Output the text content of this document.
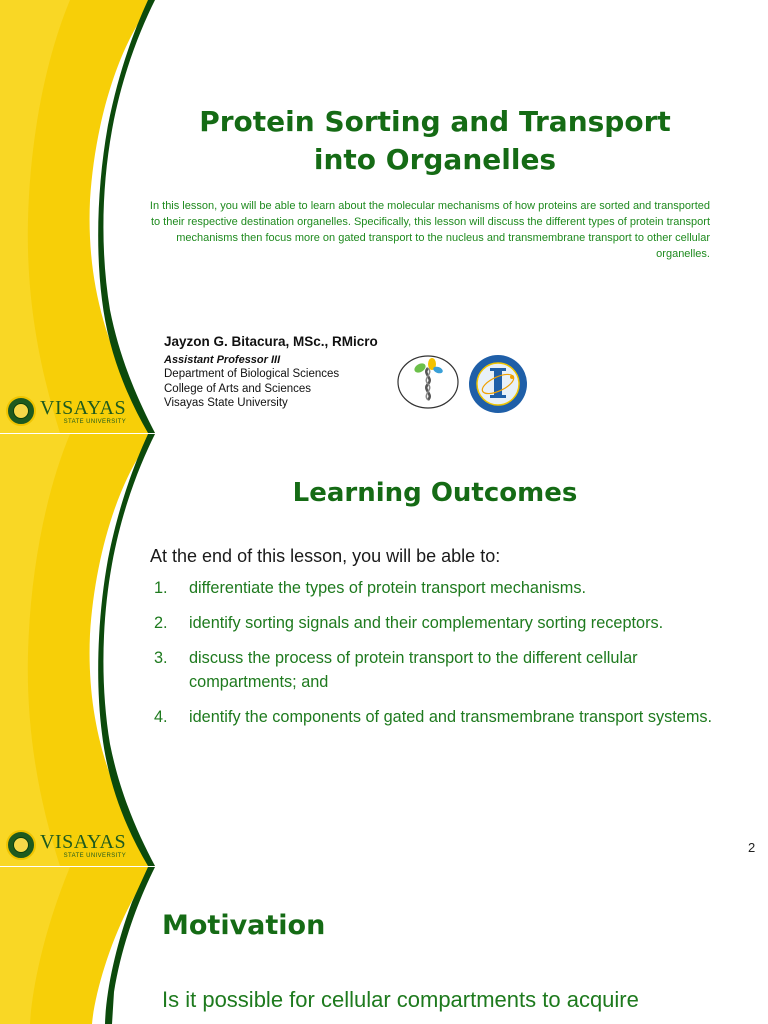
VISAYAS
STATE UNIVERSITY
Protein Sorting and Transport into Organelles

In this lesson, you will be able to learn about the molecular mechanisms of how proteins are sorted and transported to their respective destination organelles. Specifically, this lesson will discuss the different types of protein transport mechanisms then focus more on gated transport to the nucleus and transmembrane transport to other cellular organelles.

Jayzon G. Bitacura, MSc., RMicro
Assistant Professor III
Department of Biological Sciences
College of Arts and Sciences
Visayas State University
VISAYAS
STATE UNIVERSITY
Learning Outcomes
At the end of this lesson, you will be able to:
1.	differentiate the types of protein transport mechanisms.
2.	identify sorting signals and their complementary sorting receptors.
3.	discuss the process of protein transport to the different cellular compartments; and
4.	identify the components of gated and transmembrane transport systems.
2
Motivation

Is it possible for cellular compartments to acquire
